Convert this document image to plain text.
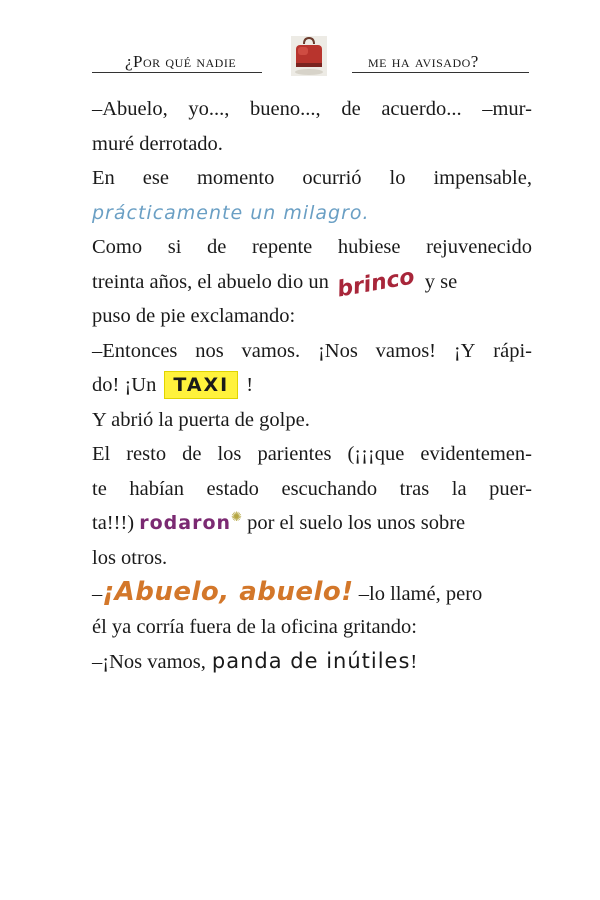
¿Por qué nadie	me ha avisado?
–Abuelo, yo..., bueno..., de acuerdo... –mur-
muré derrotado.
En ese momento ocurrió lo impensable,
prácticamente un milagro.
Como si de repente hubiese rejuvenecido
treinta años, el abuelo dio un brinco y se
puso de pie exclamando:
–Entonces nos vamos. ¡Nos vamos! ¡Y rápi-
do! ¡Un TAXI !
Y abrió la puerta de golpe.
El resto de los parientes (¡¡¡que evidentemen-
te habían estado escuchando tras la puer-
ta!!!) rodaron✺ por el suelo los unos sobre
los otros.
–¡Abuelo, abuelo! –lo llamé, pero
él ya corría fuera de la oficina gritando:
–¡Nos vamos, panda de inútiles!
